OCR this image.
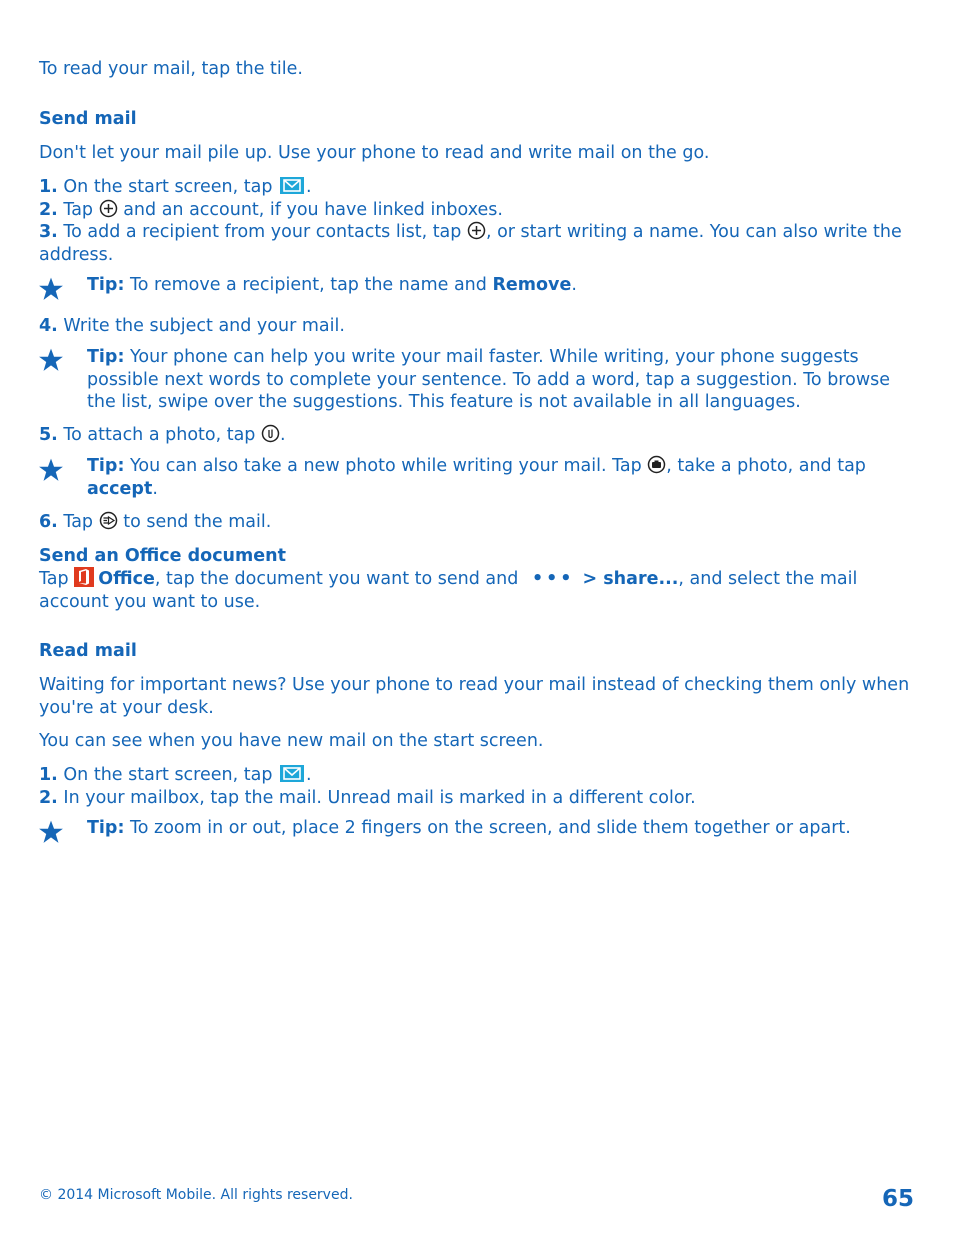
To read your mail, tap the tile.

Send mail

Don't let your mail pile up. Use your phone to read and write mail on the go.

1. On the start screen, tap .
2. Tap and an account, if you have linked inboxes.
3. To add a recipient from your contacts list, tap , or start writing a name. You can also write the address.

Tip: To remove a recipient, tap the name and Remove.

4. Write the subject and your mail.

Tip: Your phone can help you write your mail faster. While writing, your phone suggests possible next words to complete your sentence. To add a word, tap a suggestion. To browse the list, swipe over the suggestions. This feature is not available in all languages.

5. To attach a photo, tap .

Tip: You can also take a new photo while writing your mail. Tap , take a photo, and tap
accept.

6. Tap to send the mail.

Send an Office document

Tap Office, tap the document you want to send and ••• > share..., and select the mail account you want to use.

Read mail

Waiting for important news? Use your phone to read your mail instead of checking them only when you're at your desk.

You can see when you have new mail on the start screen.

1. On the start screen, tap .
2. In your mailbox, tap the mail. Unread mail is marked in a different color.

Tip: To zoom in or out, place 2 fingers on the screen, and slide them together or apart.

© 2014 Microsoft Mobile. All rights reserved.	65
